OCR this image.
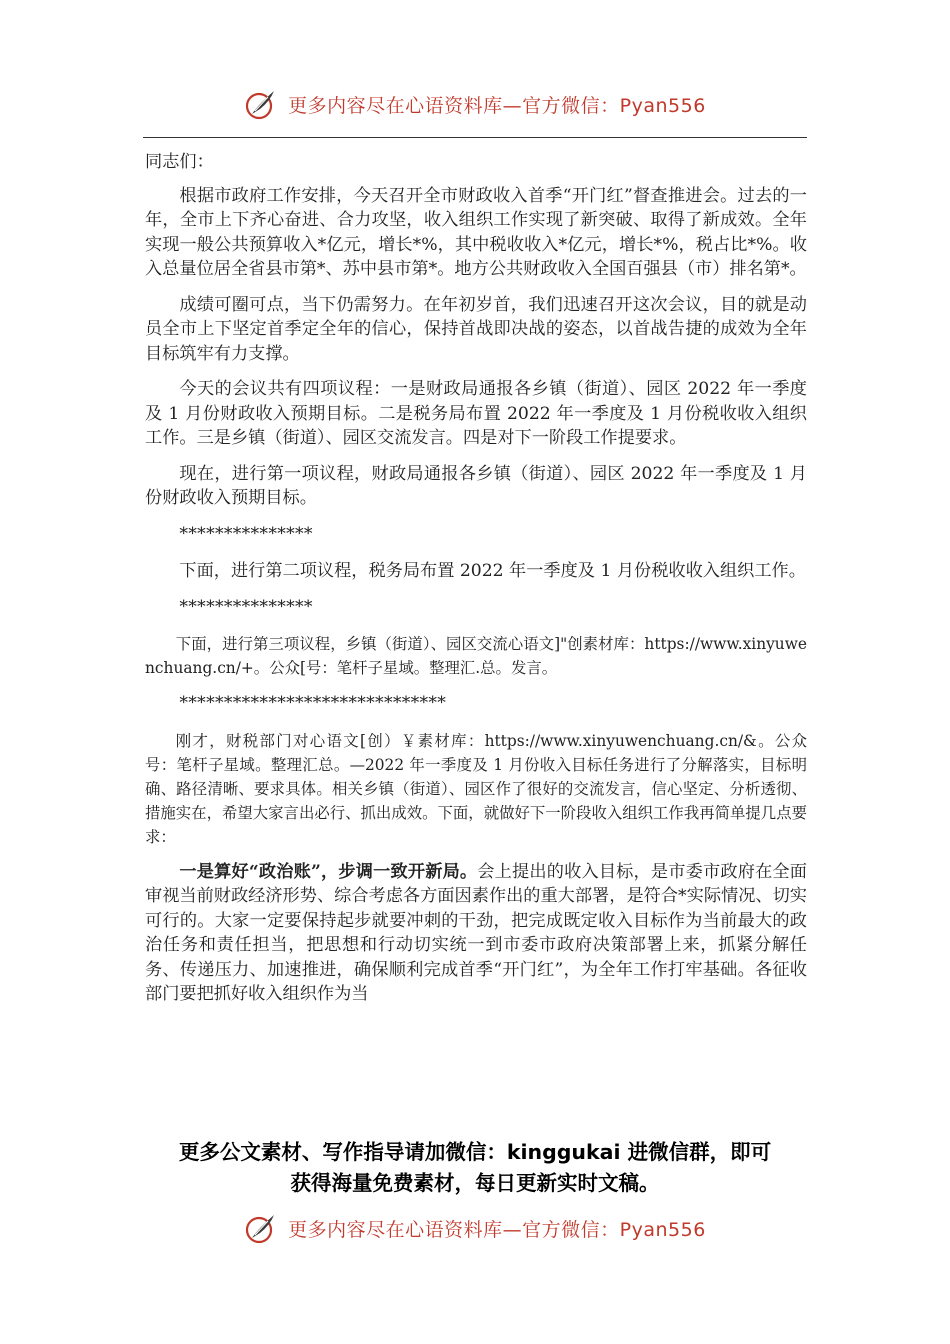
更多内容尽在心语资料库—官方微信：Pyan556

同志们：

根据市政府工作安排，今天召开全市财政收入首季“开门红”督查推进会。过去的一年，全市上下齐心奋进、合力攻坚，收入组织工作实现了新突破、取得了新成效。全年实现一般公共预算收入*亿元，增长*%，其中税收收入*亿元，增长*%，税占比*%。收入总量位居全省县市第*、苏中县市第*。地方公共财政收入全国百强县（市）排名第*。

成绩可圈可点，当下仍需努力。在年初岁首，我们迅速召开这次会议，目的就是动员全市上下坚定首季定全年的信心，保持首战即决战的姿态，以首战告捷的成效为全年目标筑牢有力支撑。

今天的会议共有四项议程：一是财政局通报各乡镇（街道）、园区 2022 年一季度及 1 月份财政收入预期目标。二是税务局布置 2022 年一季度及 1 月份税收收入组织工作。三是乡镇（街道）、园区交流发言。四是对下一阶段工作提要求。

现在，进行第一项议程，财政局通报各乡镇（街道）、园区 2022 年一季度及 1 月份财政收入预期目标。

***************

下面，进行第二项议程，税务局布置 2022 年一季度及 1 月份税收收入组织工作。

***************

下面，进行第三项议程，乡镇（街道）、园区交流心语文]"创素材库：https://www.xinyuwenchuang.cn/+。公众[号：笔杆子星域。整理汇.总。发言。

******************************

刚才，财税部门对心语文[创）￥素材库：https://www.xinyuwenchuang.cn/&。公众号：笔杆子星域。整理汇总。—2022 年一季度及 1 月份收入目标任务进行了分解落实，目标明确、路径清晰、要求具体。相关乡镇（街道）、园区作了很好的交流发言，信心坚定、分析透彻、措施实在，希望大家言出必行、抓出成效。下面，就做好下一阶段收入组织工作我再简单提几点要求：

一是算好“政治账”，步调一致开新局。会上提出的收入目标，是市委市政府在全面审视当前财政经济形势、综合考虑各方面因素作出的重大部署，是符合*实际情况、切实可行的。大家一定要保持起步就要冲刺的干劲，把完成既定收入目标作为当前最大的政治任务和责任担当，把思想和行动切实统一到市委市政府决策部署上来，抓紧分解任务、传递压力、加速推进，确保顺利完成首季“开门红”，为全年工作打牢基础。各征收部门要把抓好收入组织作为当

更多公文素材、写作指导请加微信：kinggukai 进微信群，即可
获得海量免费素材，每日更新实时文稿。
更多内容尽在心语资料库—官方微信：Pyan556
